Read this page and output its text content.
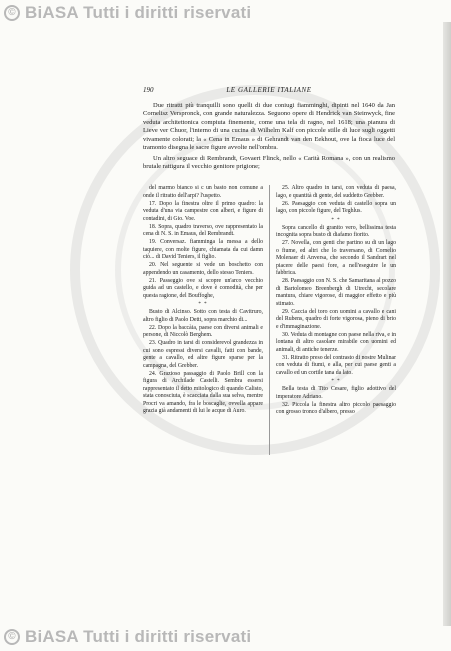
© BiASA Tutti i diritti riservati
190	LE GALLERIE ITALIANE

Due ritratti più tranquilli sono quelli di due coniugi fiamminghi, dipinti nel 1640 da Jan Cornelisz Verspronck, con grande naturalezza. Seguono opere di Hendrick van Steinwyck, fine veduta architettonica compiuta finemente, come una tela di ragno, nel 1618; una pianura di Lieve ver Chuor, l'interno di una cucina di Wilhelm Kalf con piccole stille di luce sugli oggetti vivamente colorati; la « Cena in Emaus » di Gehrandt van den Eekhout, ove la fioca luce del tramonto disegna le sacre figure avvolte nell'ombra.

Un altro seguace di Rembrandt, Govaert Flinck, nello « Carità Romana », con un realismo brutale rattigura il vecchio genitore prigione;

del marmo bianco si c un basto non comune a onde il ritratto dell'arpi? l'uspetto.

17. Dopo la finestra oltre il primo quadro: la veduta d'una via campestre con alberi, e figure di contadini, di Gio. Voe.

18. Sopra, quadro traverso, ove rappresentato la cena di N. S. in Emaus, del Rembrandt.

19. Conversaz. fiamminga la messa a dello taquiere, con molte figure, chiamata da cui damn ciò... di David Teniers, il figlio.

20. Nel seguente si vede un boschetto con appendendo un casamento, dello stesso Teniers.

21. Passeggio ove si scopre un'arco vecchio guida ad un castello, e dove è comodità, che per questa ragione, del Bouffoghe,

* *

Busto di Alcinso. Sotto con testa di Cavitruro, altro figlio di Paolo Detti, sopra marchio di...

22. Dopo la baccàia, paese con diversi animali e persone, di Niccolò Berghem.

23. Quadro in tarsi di considerevol grandezza in cui sono espressi diversi cavalli, fatti con bande, gente a cavallo, ed altre figure sparse per la campagna, del Grebber.

24. Grazioso passaggio di Paolo Brill con la figura di Archilade Castelli. Sembra essersi rappresentato il detto mitologico di quando Calisto, stata conosciuta, è scacciata dalla sua selva, mentre Procri va amando, fra le boscaglie, ovvella appare grazia già andamenti di lui le acque di Auro.

25. Altro quadro in tarsi, con veduta di paesa, lago, e quantità di gente, del suddetto Grebber.

26. Paesaggio con veduta di castello sopra un lago, con piccole figure, del Teghlus.

* *

Sopra cancello di granito vero, bellissima testa incognita sopra busto di diafamo fiorito.

27. Novella, con genti che partino su di un lago o fiume, ed altri che lo traversano, di Cornelio Molenaer di Anversa, che secondo il Sandrart nel piacere delle paesi fore, a nell'eseguire le un fabbrica.

28. Paesaggio con N. S. che Samaritana al pozzo di Bartolomeo Breenbergh di Utrecht, secolare mantura, chiare vigorose, di maggior effetto e più stimato.

29. Caccia del toro con uomini a cavallo e cani del Rubens, quadro di forte vigorosa, pieno di brio e d'immaginazione.

30. Veduta di montagne con paese nella riva, e in lontana di altro casolare mirabile con uomini ed animali, di antiche tenerze.

31. Ritratto preso del contrasto di nostre Mulinar con veduta di fiumi, e alla, per cui paese genti a cavallo ed un cortile tana da lato.

* *

Bella testa di Tito Cesare, figlio adottivo del imperatore Adriano.

32. Piccola la finestra altro piccolo paesaggio con grosso tronco d'albero, presso

© BiASA Tutti i diritti riservati
